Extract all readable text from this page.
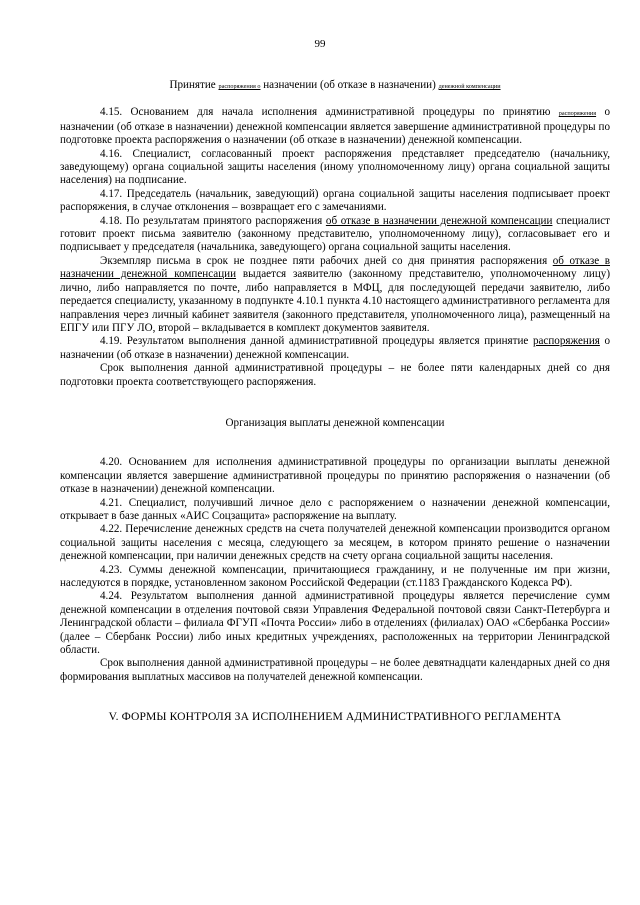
99
Принятие распоряжения о назначении (об отказе в назначении) денежной компенсации

4.15. Основанием для начала исполнения административной процедуры по принятию распоряжения о назначении (об отказе в назначении) денежной компенсации является завершение административной процедуры по подготовке проекта распоряжения о назначении (об отказе в назначении) денежной компенсации.

4.16. Специалист, согласованный проект распоряжения представляет председателю (начальнику, заведующему) органа социальной защиты населения (иному уполномоченному лицу) органа социальной защиты населения) на подписание.

4.17. Председатель (начальник, заведующий) органа социальной защиты населения подписывает проект распоряжения, в случае отклонения – возвращает его с замечаниями.

4.18. По результатам принятого распоряжения об отказе в назначении денежной компенсации специалист готовит проект письма заявителю (законному представителю, уполномоченному лицу), согласовывает его и подписывает у председателя (начальника, заведующего) органа социальной защиты населения.

Экземпляр письма в срок не позднее пяти рабочих дней со дня принятия распоряжения об отказе в назначении денежной компенсации выдается заявителю (законному представителю, уполномоченному лицу) лично, либо направляется по почте, либо направляется в МФЦ, для последующей передачи заявителю, либо передается специалисту, указанному в подпункте 4.10.1 пункта 4.10 настоящего административного регламента для направления через личный кабинет заявителя (законного представителя, уполномоченного лица), размещенный на ЕПГУ или ПГУ ЛО, второй – вкладывается в комплект документов заявителя.

4.19. Результатом выполнения данной административной процедуры является принятие распоряжения о назначении (об отказе в назначении) денежной компенсации.

Срок выполнения данной административной процедуры – не более пяти календарных дней со дня подготовки проекта соответствующего распоряжения.

Организация выплаты денежной компенсации

4.20. Основанием для исполнения административной процедуры по организации выплаты денежной компенсации является завершение административной процедуры по принятию распоряжения о назначении (об отказе в назначении) денежной компенсации.

4.21. Специалист, получивший личное дело с распоряжением о назначении денежной компенсации, открывает в базе данных «АИС Соцзащита» распоряжение на выплату.

4.22. Перечисление денежных средств на счета получателей денежной компенсации производится органом социальной защиты населения с месяца, следующего за месяцем, в котором принято решение о назначении денежной компенсации, при наличии денежных средств на счету органа социальной защиты населения.

4.23. Суммы денежной компенсации, причитающиеся гражданину, и не полученные им при жизни, наследуются в порядке, установленном законом Российской Федерации (ст.1183 Гражданского Кодекса РФ).

4.24. Результатом выполнения данной административной процедуры является перечисление сумм денежной компенсации в отделения почтовой связи Управления Федеральной почтовой связи Санкт-Петербурга и Ленинградской области – филиала ФГУП «Почта России» либо в отделениях (филиалах) ОАО «Сбербанка России» (далее – Сбербанк России) либо иных кредитных учреждениях, расположенных на территории Ленинградской области.

Срок выполнения данной административной процедуры – не более девятнадцати календарных дней со дня формирования выплатных массивов на получателей денежной компенсации.

V. ФОРМЫ КОНТРОЛЯ ЗА ИСПОЛНЕНИЕМ АДМИНИСТРАТИВНОГО РЕГЛАМЕНТА
